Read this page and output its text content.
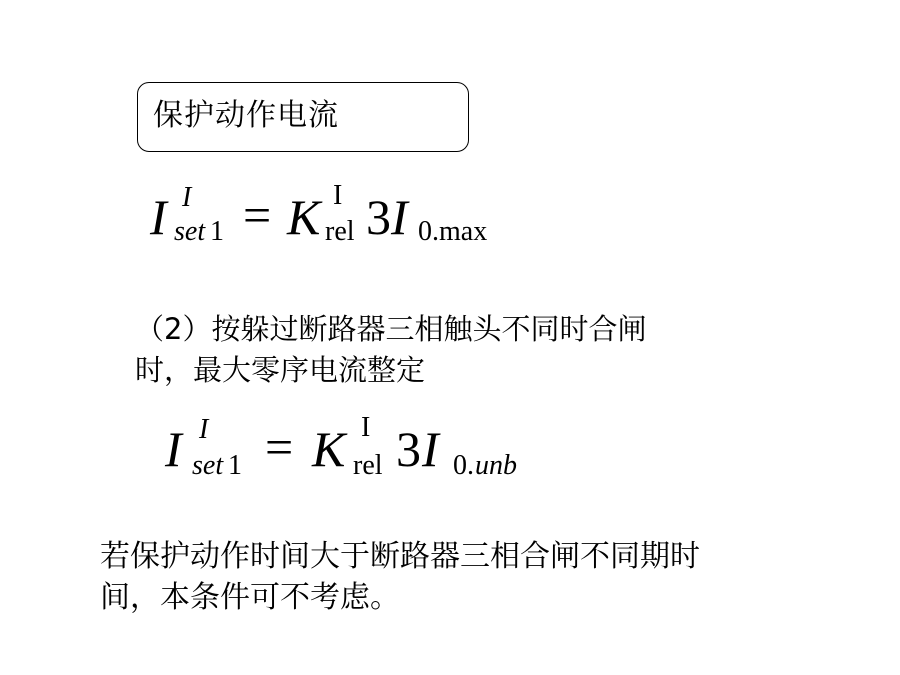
保护动作电流
I I
set 1 = K I
rel 3 I 0.max
（2）按躲过断路器三相触头不同时合闸
时，最大零序电流整定
I I
set 1 = K I
rel 3 I 0. unb
若保护动作时间大于断路器三相合闸不同期时
间，本条件可不考虑。
